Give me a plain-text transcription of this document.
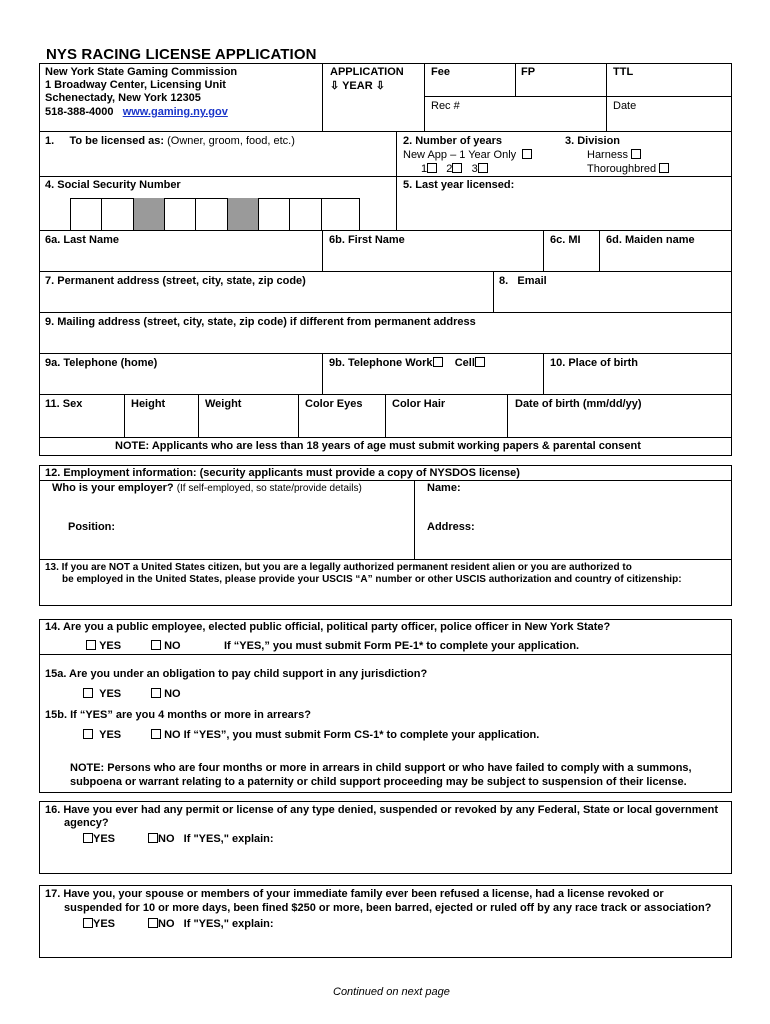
NYS RACING LICENSE APPLICATION
New York State Gaming Commission
1 Broadway Center, Licensing Unit
Schenectady, New York 12305
518-388-4000 www.gaming.ny.gov
APPLICATION
⇩ YEAR ⇩
Fee	FP	TTL
Rec #	Date
1. To be licensed as: (Owner, groom, food, etc.)	2. Number of years
New App – 1 Year Only
1 2 3
3. Division
Harness
Thoroughbred
4. Social Security Number	5. Last year licensed:
6a. Last Name	6b. First Name	6c. MI 6d. Maiden name
7. Permanent address (street, city, state, zip code)	8. Email
9. Mailing address (street, city, state, zip code) if different from permanent address
9a. Telephone (home)	9b. Telephone Work Cell	10. Place of birth
11. Sex	Height	Weight	Color Eyes	Color Hair	Date of birth (mm/dd/yy)
NOTE: Applicants who are less than 18 years of age must submit working papers & parental consent
12. Employment information: (security applicants must provide a copy of NYSDOS license)
Who is your employer? (If self-employed, so state/provide details)	Name:
Position:	Address:
13. If you are NOT a United States citizen, but you are a legally authorized permanent resident alien or you are authorized to
be employed in the United States, please provide your USCIS “A” number or other USCIS authorization and country of citizenship:
14. Are you a public employee, elected public official, political party officer, police officer in New York State?
YES	NO	If “YES,” you must submit Form PE-1* to complete your application.
15a. Are you under an obligation to pay child support in any jurisdiction?
YES	NO
15b. If “YES” are you 4 months or more in arrears?
YES	NO If “YES”, you must submit Form CS-1* to complete your application.
NOTE: Persons who are four months or more in arrears in child support or who have failed to comply with a summons,
subpoena or warrant relating to a paternity or child support proceeding may be subject to suspension of their license.
16. Have you ever had any permit or license of any type denied, suspended or revoked by any Federal, State or local government
agency?
YES	NO If "YES," explain:
17. Have you, your spouse or members of your immediate family ever been refused a license, had a license revoked or
suspended for 10 or more days, been fined $250 or more, been barred, ejected or ruled off by any race track or association?
YES	NO If "YES," explain:
Continued on next page
